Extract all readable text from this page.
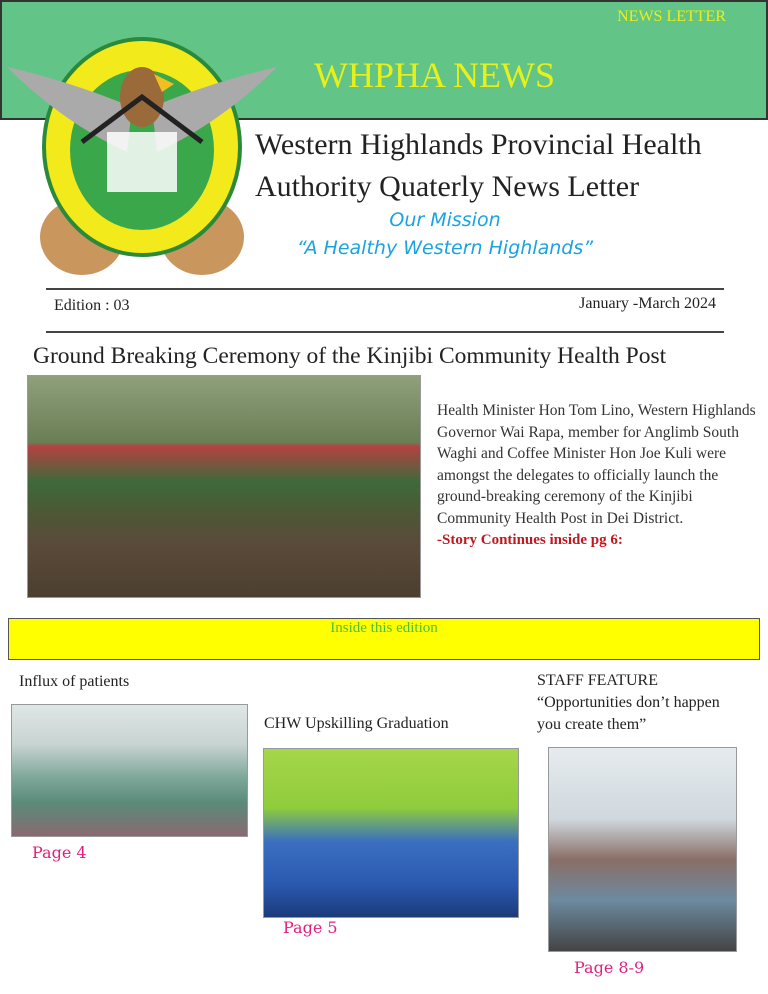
NEWS LETTER
WHPHA NEWS
Western Highlands Provincial Health
Authority Quaterly News Letter
Our Mission
“A Healthy Western Highlands”
Edition : 03	January -March 2024
Ground Breaking Ceremony of the Kinjibi Community Health Post
Health Minister Hon Tom Lino, Western Highlands Governor Wai Rapa, member for Anglimb South Waghi and Coffee Minister Hon Joe Kuli were amongst the delegates to officially launch the ground-breaking ceremony of the Kinjibi Community Health Post in Dei District.
-Story Continues inside pg 6:
Inside this edition
Influx of patients
Page 4
CHW Upskilling Graduation
Page 5
STAFF FEATURE
“Opportunities don’t happen you create them”
Page 8-9
